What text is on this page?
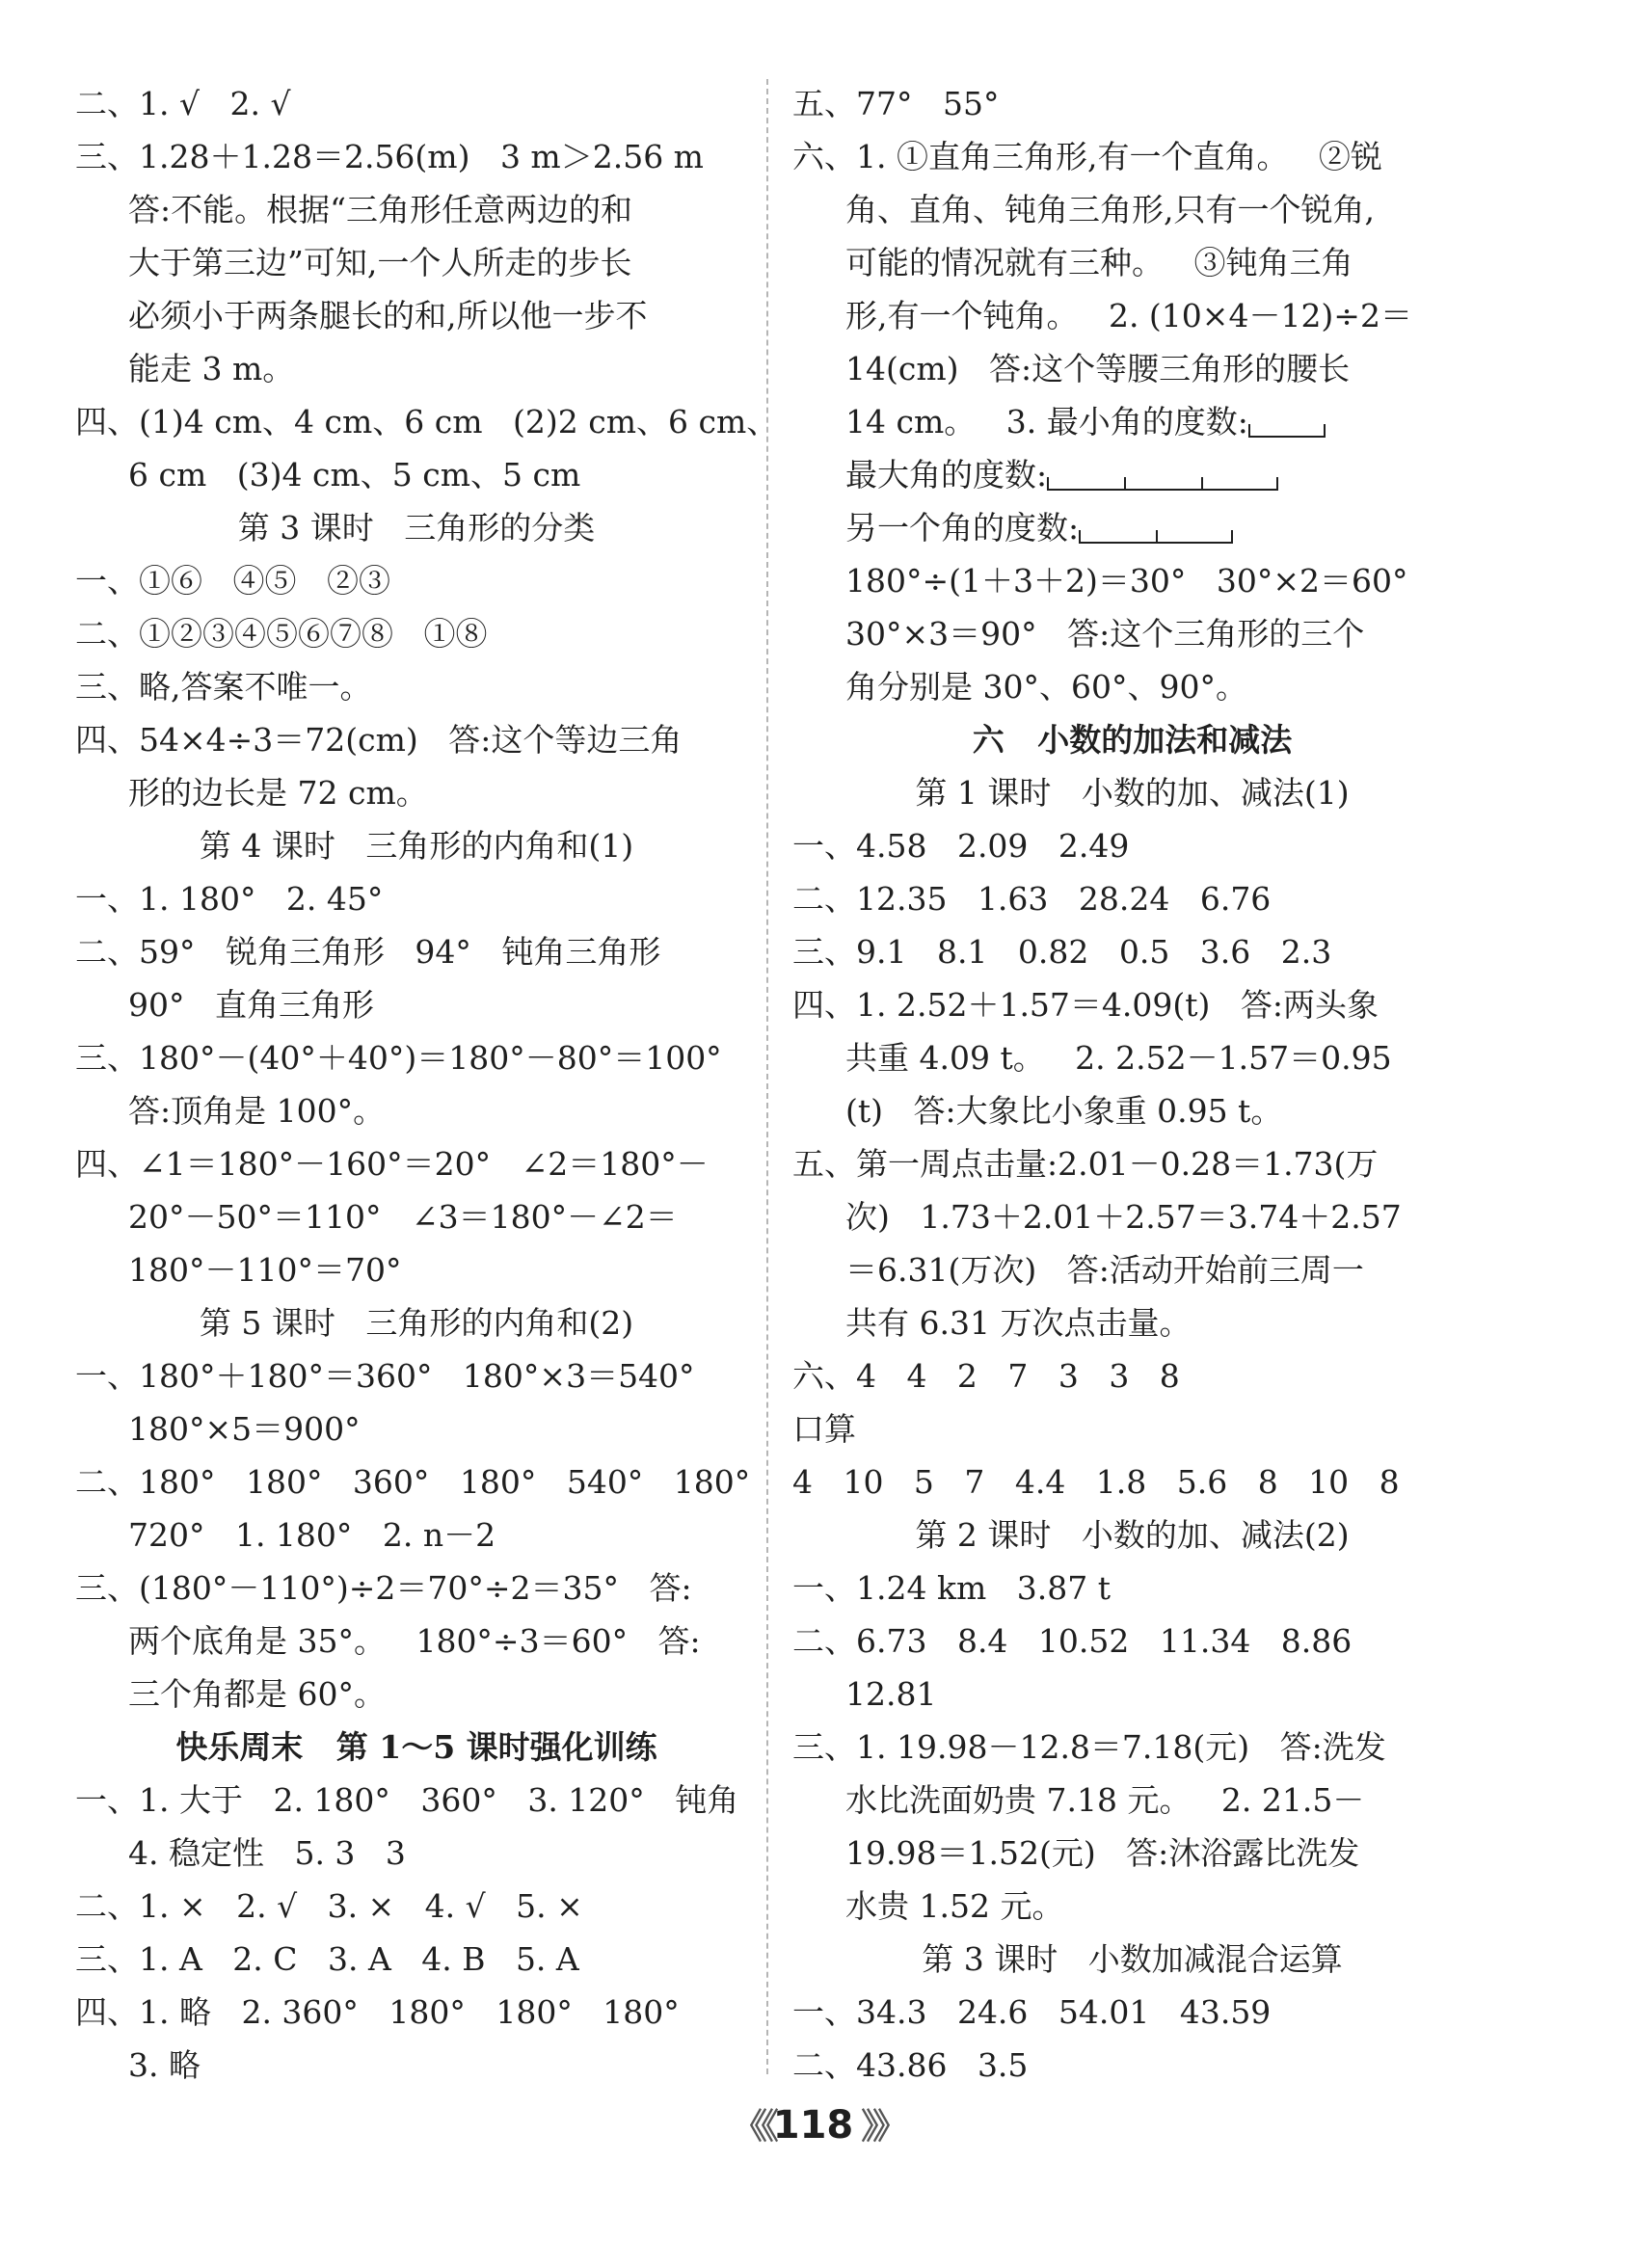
二、1. √   2. √
三、1.28＋1.28＝2.56(m)   3 m＞2.56 m
答:不能。根据“三角形任意两边的和
大于第三边”可知,一个人所走的步长
必须小于两条腿长的和,所以他一步不
能走 3 m。
四、(1)4 cm、4 cm、6 cm   (2)2 cm、6 cm、
6 cm   (3)4 cm、5 cm、5 cm
第 3 课时   三角形的分类
一、①⑥   ④⑤   ②③
二、①②③④⑤⑥⑦⑧   ①⑧
三、略,答案不唯一。
四、54×4÷3＝72(cm)   答:这个等边三角
形的边长是 72 cm。
第 4 课时   三角形的内角和(1)
一、1. 180°   2. 45°
二、59°   锐角三角形   94°   钝角三角形
90°   直角三角形
三、180°－(40°＋40°)＝180°－80°＝100°
答:顶角是 100°。
四、∠1＝180°－160°＝20°   ∠2＝180°－
20°－50°＝110°   ∠3＝180°－∠2＝
180°－110°＝70°
第 5 课时   三角形的内角和(2)
一、180°＋180°＝360°   180°×3＝540°
180°×5＝900°
二、180°   180°   360°   180°   540°   180°
720°   1. 180°   2. n－2
三、(180°－110°)÷2＝70°÷2＝35°   答:
两个底角是 35°。   180°÷3＝60°   答:
三个角都是 60°。
快乐周末   第 1～5 课时强化训练
一、1. 大于   2. 180°   360°   3. 120°   钝角
4. 稳定性   5. 3   3
二、1. ×   2. √   3. ×   4. √   5. ×
三、1. A   2. C   3. A   4. B   5. A
四、1. 略   2. 360°   180°   180°   180°
3. 略
五、77°   55°
六、1. ①直角三角形,有一个直角。   ②锐
角、直角、钝角三角形,只有一个锐角,
可能的情况就有三种。   ③钝角三角
形,有一个钝角。   2. (10×4－12)÷2＝
14(cm)   答:这个等腰三角形的腰长
14 cm。   3. 最小角的度数:
最大角的度数:
另一个角的度数:
180°÷(1＋3＋2)＝30°   30°×2＝60°
30°×3＝90°   答:这个三角形的三个
角分别是 30°、60°、90°。
六   小数的加法和减法
第 1 课时   小数的加、减法(1)
一、4.58   2.09   2.49
二、12.35   1.63   28.24   6.76
三、9.1   8.1   0.82   0.5   3.6   2.3
四、1. 2.52＋1.57＝4.09(t)   答:两头象
共重 4.09 t。   2. 2.52－1.57＝0.95
(t)   答:大象比小象重 0.95 t。
五、第一周点击量:2.01－0.28＝1.73(万
次)   1.73＋2.01＋2.57＝3.74＋2.57
＝6.31(万次)   答:活动开始前三周一
共有 6.31 万次点击量。
六、4   4   2   7   3   3   8
口算
4   10   5   7   4.4   1.8   5.6   8   10   8
第 2 课时   小数的加、减法(2)
一、1.24 km   3.87 t
二、6.73   8.4   10.52   11.34   8.86
12.81
三、1. 19.98－12.8＝7.18(元)   答:洗发
水比洗面奶贵 7.18 元。   2. 21.5－
19.98＝1.52(元)   答:沐浴露比洗发
水贵 1.52 元。
第 3 课时   小数加减混合运算
一、34.3   24.6   54.01   43.59
二、43.86   3.5
《《118 》》
